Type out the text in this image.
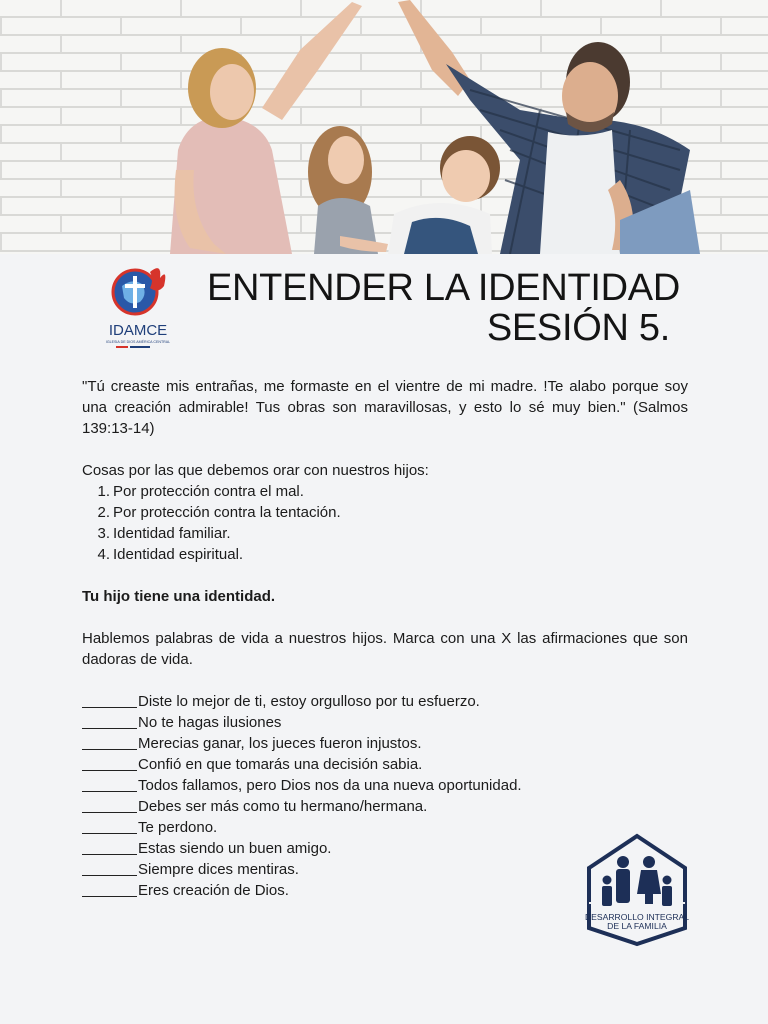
IDAMCE
IGLESIA DE DIOS AMÉRICA CENTRAL
ENTENDER LA IDENTIDAD
SESIÓN 5.

"Tú creaste mis entrañas, me formaste en el vientre de mi madre. !Te alabo porque soy una creación admirable! Tus obras son maravillosas, y esto lo sé muy bien." (Salmos 139:13-14)

Cosas por las que debemos orar con nuestros hijos:

1. Por protección contra el mal.
2. Por protección contra la tentación.
3. Identidad familiar.
4. Identidad espiritual.

Tu hijo tiene una identidad.

Hablemos palabras de vida a nuestros hijos. Marca con una X las afirmaciones que son dadoras de vida.

Diste lo mejor de ti, estoy orgulloso por tu esfuerzo.
No te hagas ilusiones
Merecias ganar, los jueces fueron injustos.
Confió en que tomarás una decisión sabia.
Todos fallamos, pero Dios nos da una nueva oportunidad.
Debes ser más como tu hermano/hermana.
Te perdono.
Estas siendo un buen amigo.
Siempre dices mentiras.
Eres creación de Dios.
DESARROLLO INTEGRAL
DE LA FAMILIA
